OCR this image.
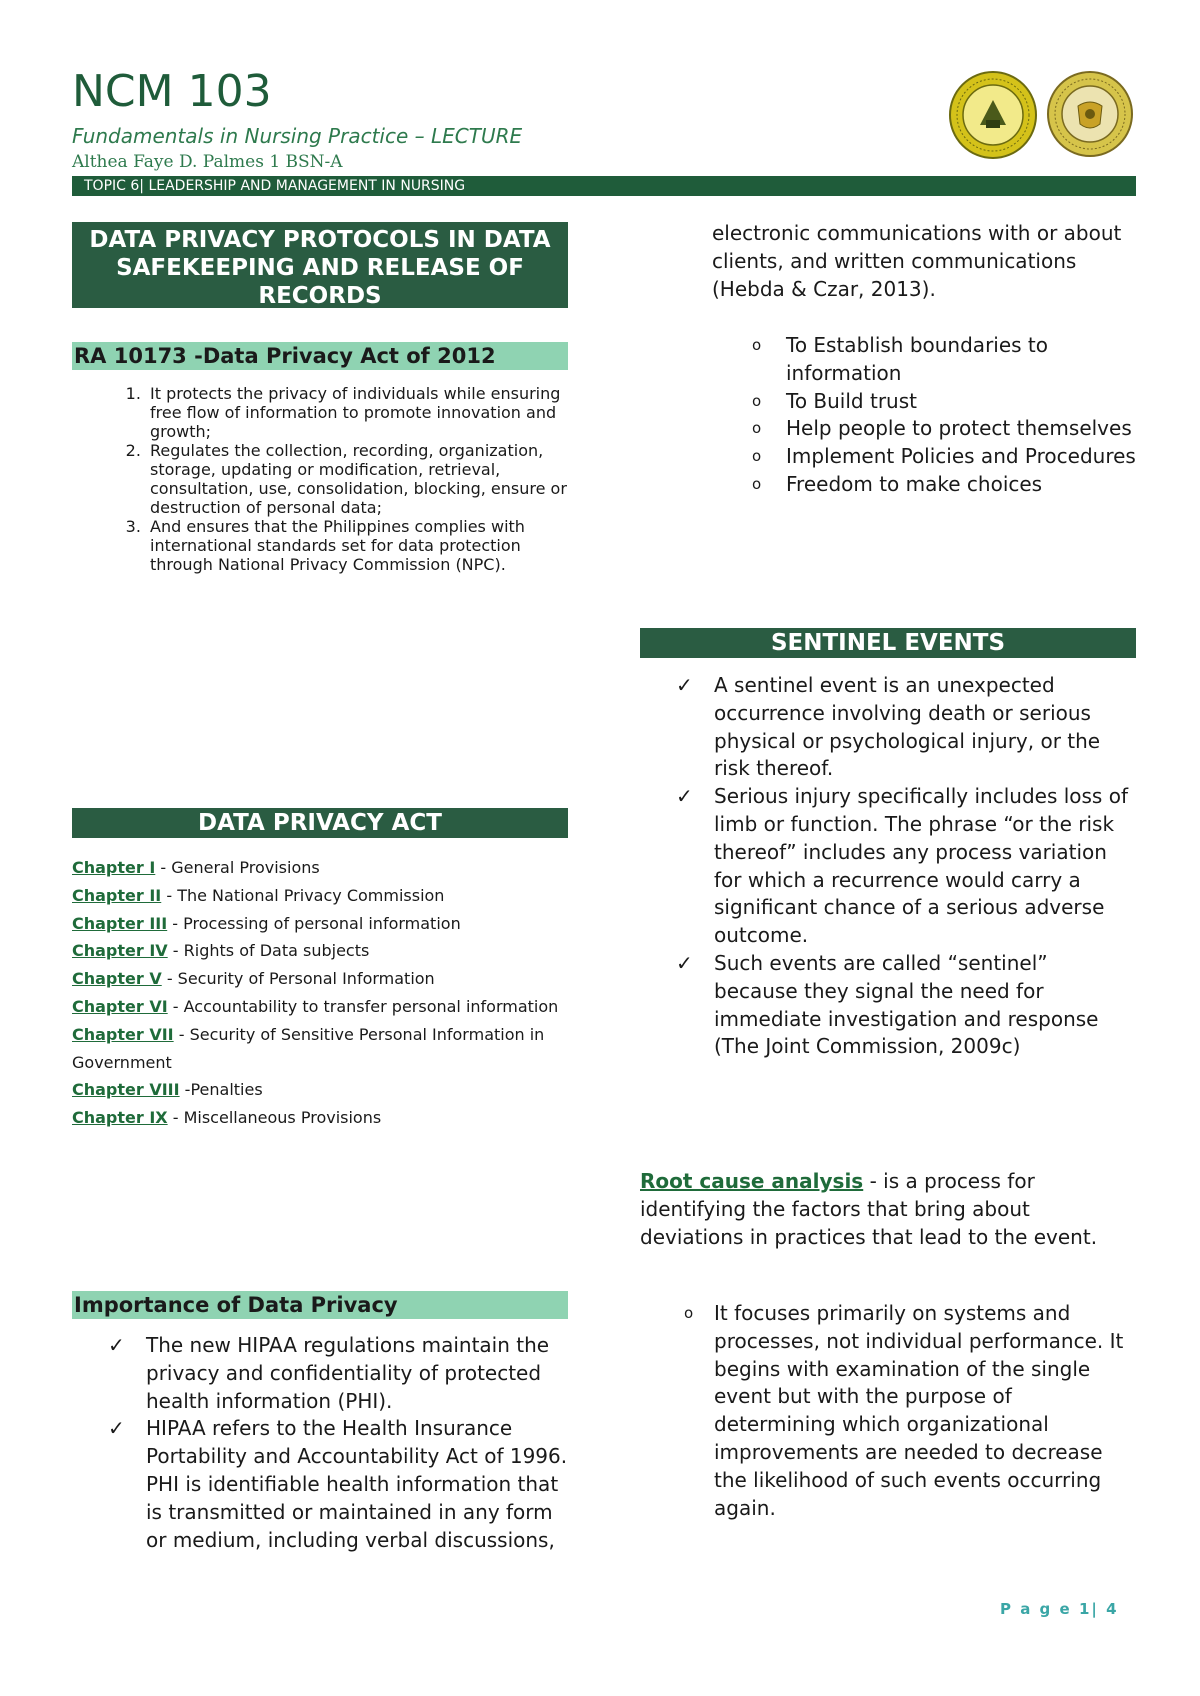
NCM 103
Fundamentals in Nursing Practice – LECTURE
Althea Faye D. Palmes 1 BSN-A
TOPIC 6| LEADERSHIP AND MANAGEMENT IN NURSING
DATA PRIVACY PROTOCOLS IN DATA SAFEKEEPING AND RELEASE OF RECORDS
RA 10173 -Data Privacy Act of 2012
1. It protects the privacy of individuals while ensuring free flow of information to promote innovation and growth;
2. Regulates the collection, recording, organization, storage, updating or modification, retrieval, consultation, use, consolidation, blocking, ensure or destruction of personal data;
3. And ensures that the Philippines complies with international standards set for data protection through National Privacy Commission (NPC).
DATA PRIVACY ACT
Chapter I - General Provisions
Chapter II - The National Privacy Commission
Chapter III - Processing of personal information
Chapter IV - Rights of Data subjects
Chapter V - Security of Personal Information
Chapter VI - Accountability to transfer personal information
Chapter VII - Security of Sensitive Personal Information in Government
Chapter VIII -Penalties
Chapter IX - Miscellaneous Provisions
Importance of Data Privacy
✓ The new HIPAA regulations maintain the privacy and confidentiality of protected health information (PHI).
✓ HIPAA refers to the Health Insurance Portability and Accountability Act of 1996. PHI is identifiable health information that is transmitted or maintained in any form or medium, including verbal discussions,

electronic communications with or about clients, and written communications (Hebda & Czar, 2013).

o To Establish boundaries to information
o To Build trust
o Help people to protect themselves
o Implement Policies and Procedures
o Freedom to make choices
SENTINEL EVENTS
✓ A sentinel event is an unexpected occurrence involving death or serious physical or psychological injury, or the risk thereof.
✓ Serious injury specifically includes loss of limb or function. The phrase “or the risk thereof” includes any process variation for which a recurrence would carry a significant chance of a serious adverse outcome.
✓ Such events are called “sentinel” because they signal the need for immediate investigation and response (The Joint Commission, 2009c)

Root cause analysis - is a process for identifying the factors that bring about deviations in practices that lead to the event.

o It focuses primarily on systems and processes, not individual performance. It begins with examination of the single event but with the purpose of determining which organizational improvements are needed to decrease the likelihood of such events occurring again.
P a g e 1| 4
